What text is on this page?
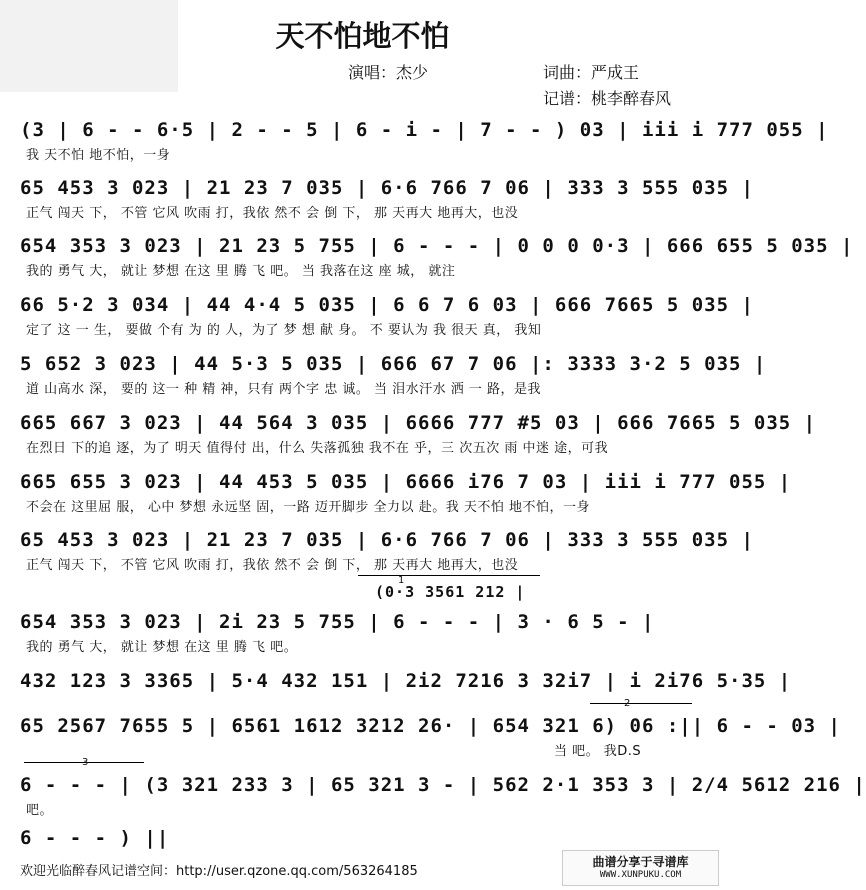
天不怕地不怕
演唱：杰少	词曲：严成王
记谱：桃李醉春风
(3 | 6 - - 6·5 | 2 - - 5 | 6 - i - | 7 - - ) 03 | iii i 777 055 |
我 天不怕 地不怕，一身
65 453 3 023 | 21 23 7 035 | 6·6 766 7 06 | 333 3 555 035 |
正气 闯天 下， 不管 它风 吹雨 打，我依 然不 会 倒 下， 那 天再大 地再大，也没
654 353 3 023 | 21 23 5 755 | 6 - - - | 0 0 0 0·3 | 666 655 5 035 |
我的 勇气 大， 就让 梦想 在这 里 腾 飞 吧。 当 我落在这 座 城， 就注
66 5·2 3 034 | 44 4·4 5 035 | 6 6 7 6 03 | 666 7665 5 035 |
定了 这 一 生， 要做 个有 为 的 人，为了 梦 想 献 身。 不 要认为 我 很天 真， 我知
5 652 3 023 | 44 5·3 5 035 | 666 67 7 06 |: 3333 3·2 5 035 |
道 山高水 深， 要的 这一 种 精 神，只有 两个字 忠 诚。 当 泪水汗水 洒 一 路，是我
665 667 3 023 | 44 564 3 035 | 6666 777 #5 03 | 666 7665 5 035 |
在烈日 下的追 逐，为了 明天 值得付 出，什么 失落孤独 我不在 乎，三 次五次 雨 中迷 途，可我
665 655 3 023 | 44 453 5 035 | 6666 i76 7 03 | iii i 777 055 |
不会在 这里屈 服， 心中 梦想 永远坚 固，一路 迈开脚步 全力以 赴。我 天不怕 地不怕，一身
65 453 3 023 | 21 23 7 035 | 6·6 766 7 06 | 333 3 555 035 |
正气 闯天 下， 不管 它风 吹雨 打，我依 然不 会 倒 下， 那 天再大 地再大，也没
1
(0·3 3561 212 |
654 353 3 023 | 2i 23 5 755 | 6 - - - | 3 · 6 5 - |
我的 勇气 大， 就让 梦想 在这 里 腾 飞 吧。
432 123 3 3365 | 5·4 432 151 | 2i2 7216 3 32i7 | i 2i76 5·35 |
2
65 2567 7655 5 | 6561 1612 3212 26· | 654 321 6) 06 :|| 6 - - 03 |
当 吧。 我D.S
3
6 - - - | (3 321 233 3 | 65 321 3 - | 562 2·1 353 3 | 2/4 5612 216 |
吧。
6 - - - ) ||
欢迎光临醉春风记谱空间：http://user.qzone.qq.com/563264185
曲谱分享于寻谱库
WWW.XUNPUKU.COM
